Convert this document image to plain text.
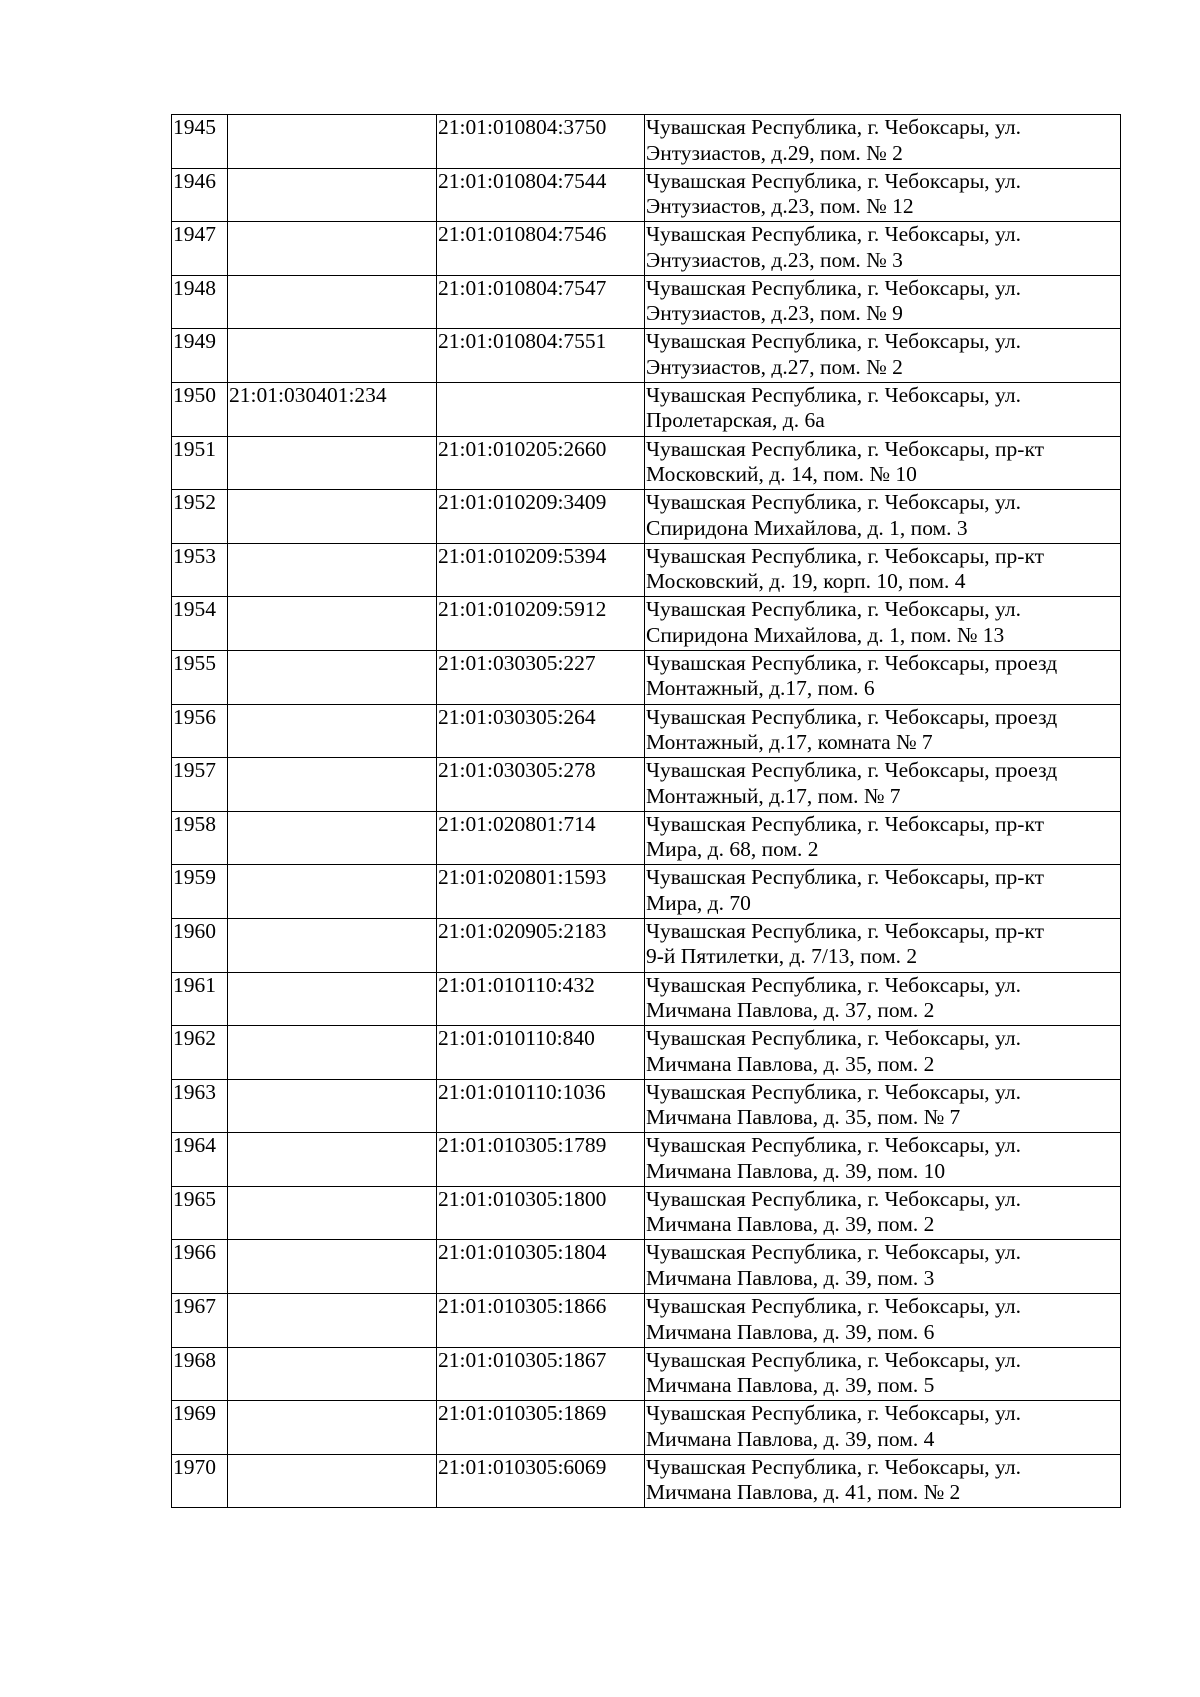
1945		21:01:010804:3750	Чувашская Республика, г. Чебоксары, ул.
Энтузиастов, д.29, пом. № 2
1946		21:01:010804:7544	Чувашская Республика, г. Чебоксары, ул.
Энтузиастов, д.23, пом. № 12
1947		21:01:010804:7546	Чувашская Республика, г. Чебоксары, ул.
Энтузиастов, д.23, пом. № 3
1948		21:01:010804:7547	Чувашская Республика, г. Чебоксары, ул.
Энтузиастов, д.23, пом. № 9
1949		21:01:010804:7551	Чувашская Республика, г. Чебоксары, ул.
Энтузиастов, д.27, пом. № 2
1950	21:01:030401:234		Чувашская Республика, г. Чебоксары, ул.
Пролетарская, д. 6а
1951		21:01:010205:2660	Чувашская Республика, г. Чебоксары, пр-кт
Московский, д. 14, пом. № 10
1952		21:01:010209:3409	Чувашская Республика, г. Чебоксары, ул.
Спиридона Михайлова, д. 1, пом. 3
1953		21:01:010209:5394	Чувашская Республика, г. Чебоксары, пр-кт
Московский, д. 19, корп. 10, пом. 4
1954		21:01:010209:5912	Чувашская Республика, г. Чебоксары, ул.
Спиридона Михайлова, д. 1, пом. № 13
1955		21:01:030305:227	Чувашская Республика, г. Чебоксары, проезд
Монтажный, д.17, пом. 6
1956		21:01:030305:264	Чувашская Республика, г. Чебоксары, проезд
Монтажный, д.17, комната № 7
1957		21:01:030305:278	Чувашская Республика, г. Чебоксары, проезд
Монтажный, д.17, пом. № 7
1958		21:01:020801:714	Чувашская Республика, г. Чебоксары, пр-кт
Мира, д. 68, пом. 2
1959		21:01:020801:1593	Чувашская Республика, г. Чебоксары, пр-кт
Мира, д. 70
1960		21:01:020905:2183	Чувашская Республика, г. Чебоксары, пр-кт
9-й Пятилетки, д. 7/13, пом. 2
1961		21:01:010110:432	Чувашская Республика, г. Чебоксары, ул.
Мичмана Павлова, д. 37, пом. 2
1962		21:01:010110:840	Чувашская Республика, г. Чебоксары, ул.
Мичмана Павлова, д. 35, пом. 2
1963		21:01:010110:1036	Чувашская Республика, г. Чебоксары, ул.
Мичмана Павлова, д. 35, пом. № 7
1964		21:01:010305:1789	Чувашская Республика, г. Чебоксары, ул.
Мичмана Павлова, д. 39, пом. 10
1965		21:01:010305:1800	Чувашская Республика, г. Чебоксары, ул.
Мичмана Павлова, д. 39, пом. 2
1966		21:01:010305:1804	Чувашская Республика, г. Чебоксары, ул.
Мичмана Павлова, д. 39, пом. 3
1967		21:01:010305:1866	Чувашская Республика, г. Чебоксары, ул.
Мичмана Павлова, д. 39, пом. 6
1968		21:01:010305:1867	Чувашская Республика, г. Чебоксары, ул.
Мичмана Павлова, д. 39, пом. 5
1969		21:01:010305:1869	Чувашская Республика, г. Чебоксары, ул.
Мичмана Павлова, д. 39, пом. 4
1970		21:01:010305:6069	Чувашская Республика, г. Чебоксары, ул.
Мичмана Павлова, д. 41, пом. № 2
